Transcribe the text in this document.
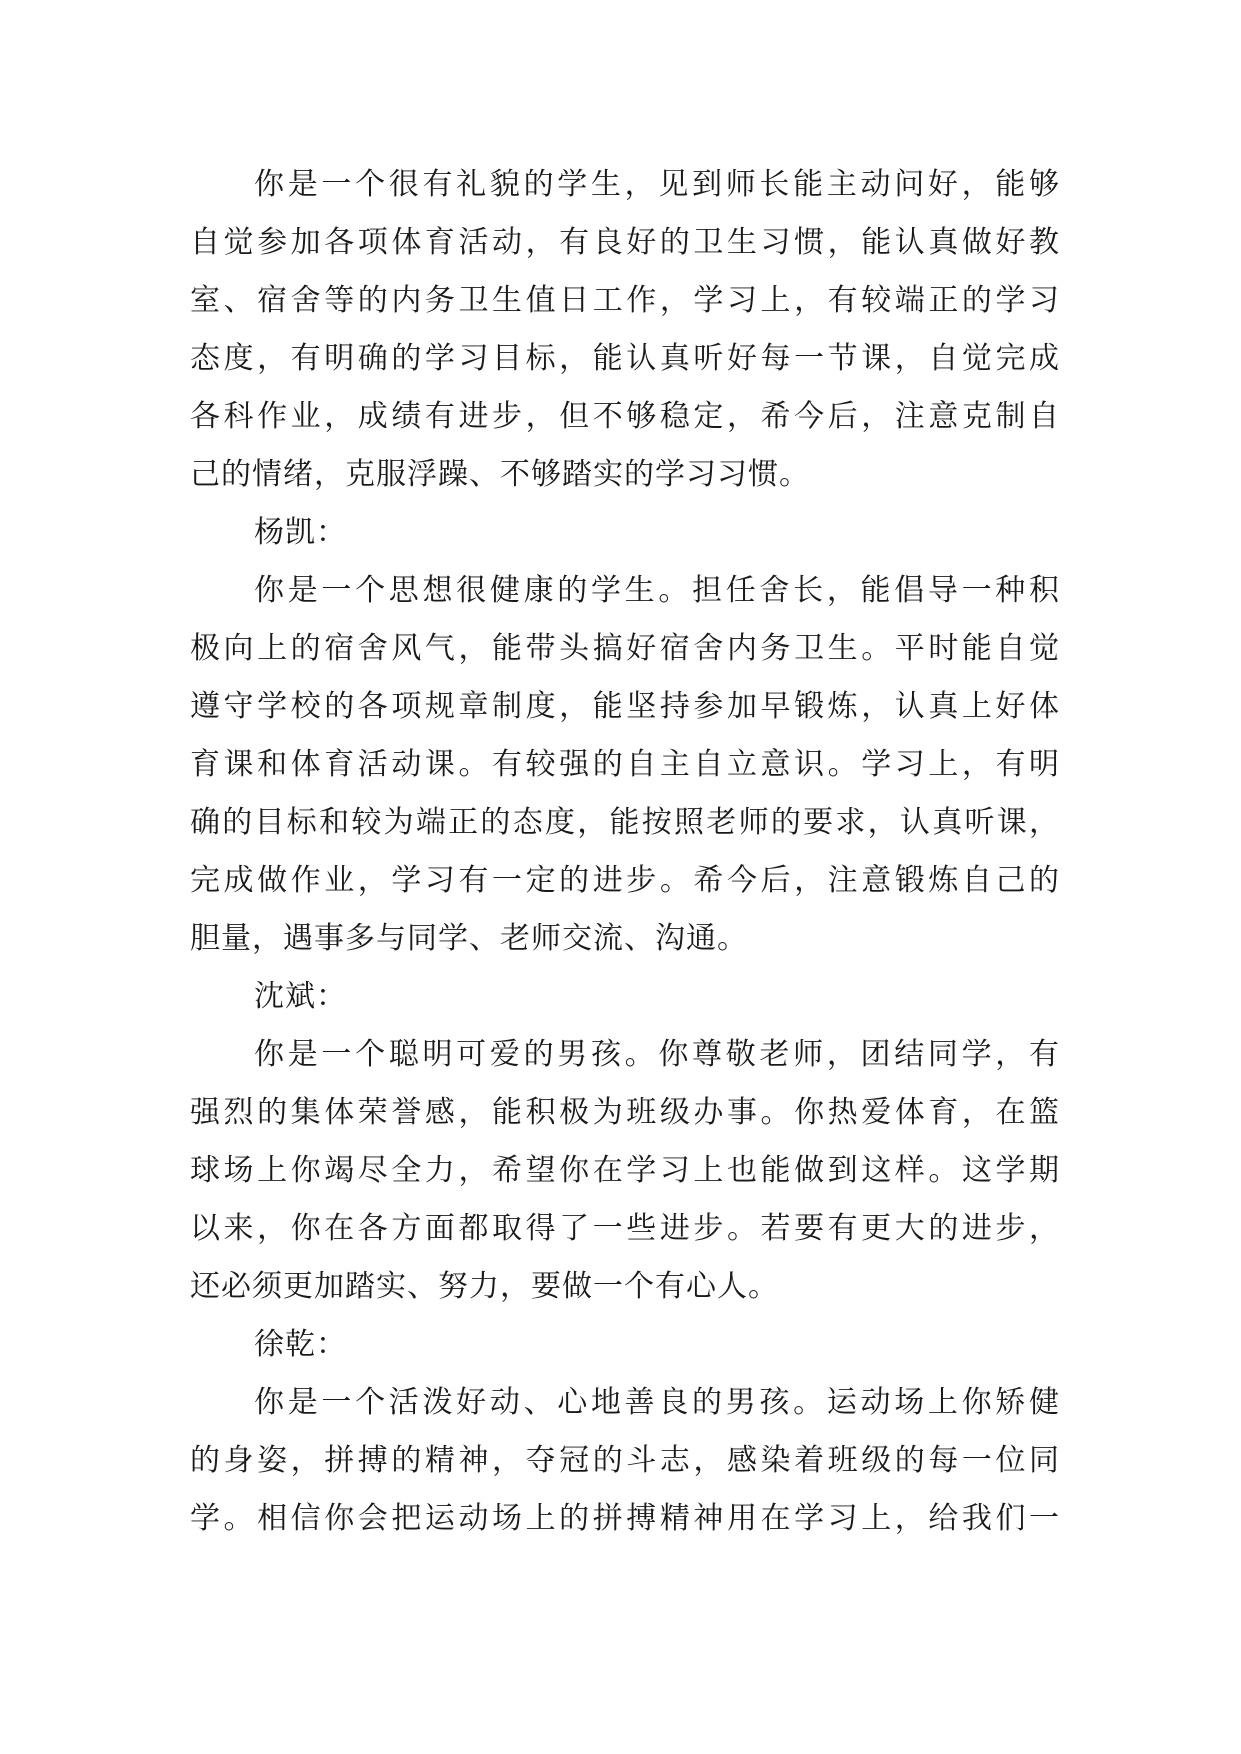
你是一个很有礼貌的学生，见到师长能主动问好，能够
自觉参加各项体育活动，有良好的卫生习惯，能认真做好教
室、宿舍等的内务卫生值日工作，学习上，有较端正的学习
态度，有明确的学习目标，能认真听好每一节课，自觉完成
各科作业，成绩有进步，但不够稳定，希今后，注意克制自
己的情绪，克服浮躁、不够踏实的学习习惯。
杨凯：
你是一个思想很健康的学生。担任舍长，能倡导一种积
极向上的宿舍风气，能带头搞好宿舍内务卫生。平时能自觉
遵守学校的各项规章制度，能坚持参加早锻炼，认真上好体
育课和体育活动课。有较强的自主自立意识。学习上，有明
确的目标和较为端正的态度，能按照老师的要求，认真听课，
完成做作业，学习有一定的进步。希今后，注意锻炼自己的
胆量，遇事多与同学、老师交流、沟通。
沈斌：
你是一个聪明可爱的男孩。你尊敬老师，团结同学，有
强烈的集体荣誉感，能积极为班级办事。你热爱体育，在篮
球场上你竭尽全力，希望你在学习上也能做到这样。这学期
以来，你在各方面都取得了一些进步。若要有更大的进步，
还必须更加踏实、努力，要做一个有心人。
徐乾：
你是一个活泼好动、心地善良的男孩。运动场上你矫健
的身姿，拼搏的精神，夺冠的斗志，感染着班级的每一位同
学。相信你会把运动场上的拼搏精神用在学习上，给我们一
